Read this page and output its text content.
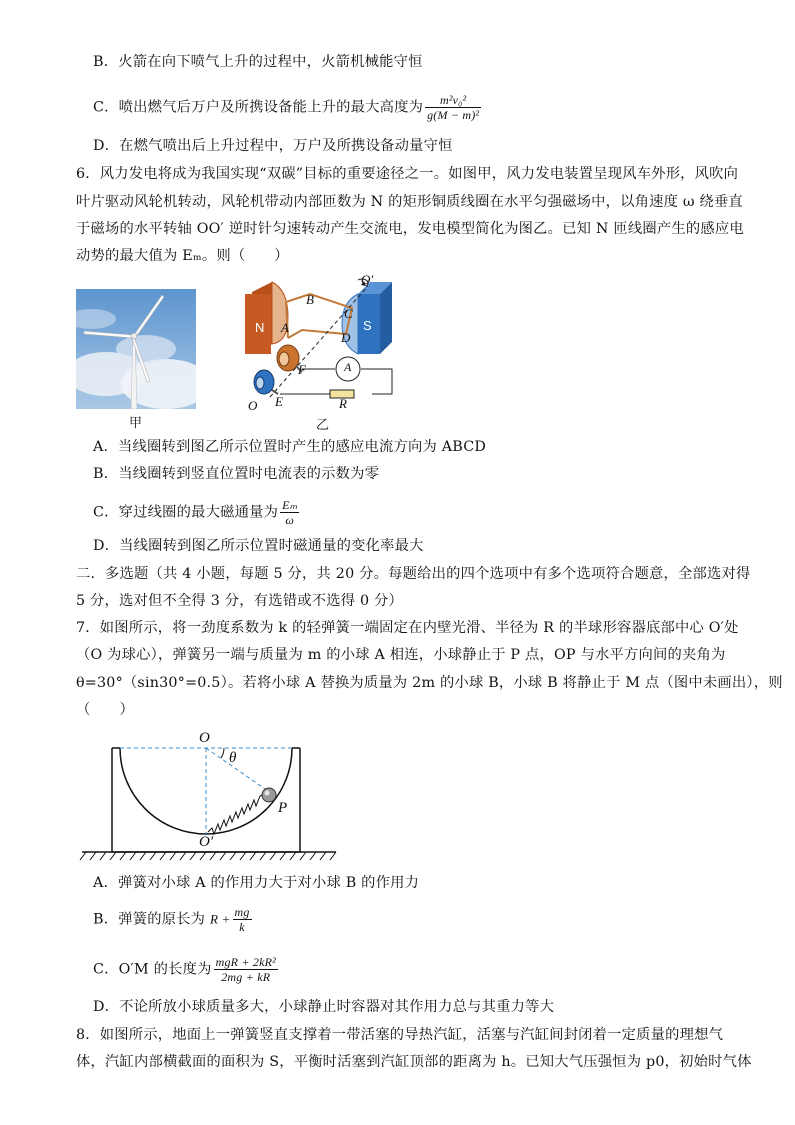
B．火箭在向下喷气上升的过程中，火箭机械能守恒
C．喷出燃气后万户及所携设备能上升的最大高度为 $\frac{\text{m²v₀²}}{\text{g(M − m)²}}$
D．在燃气喷出后上升过程中，万户及所携设备动量守恒
6．风力发电将成为我国实现“双碳”目标的重要途径之一。如图甲，风力发电装置呈现风车外形，风吹向
叶片驱动风轮机转动，风轮机带动内部匝数为 N 的矩形铜质线圈在水平匀强磁场中，以角速度 ω 绕垂直
于磁场的水平转轴 OO′ 逆时针匀速转动产生交流电，发电模型简化为图乙。已知 N 匝线圈产生的感应电
动势的最大值为 Eₘ。则（　　）
甲
O′
B
C
N A	S
D
F	A
O E	R
乙
A．当线圈转到图乙所示位置时产生的感应电流方向为 ABCD
B．当线圈转到竖直位置时电流表的示数为零
C．穿过线圈的最大磁通量为 $\frac{\text{Eₘ}}{\omega}$
D．当线圈转到图乙所示位置时磁通量的变化率最大
二．多选题（共 4 小题，每题 5 分，共 20 分。每题给出的四个选项中有多个选项符合题意，全部选对得
5 分，选对但不全得 3 分，有选错或不选得 0 分）
7．如图所示，将一劲度系数为 k 的轻弹簧一端固定在内壁光滑、半径为 R 的半球形容器底部中心 O′处
（O 为球心），弹簧另一端与质量为 m 的小球 A 相连，小球静止于 P 点，OP 与水平方向间的夹角为
θ=30°（sin30°=0.5）。若将小球 A 替换为质量为 2m 的小球 B，小球 B 将静止于 M 点（图中未画出），则
（　　）
O
θ
P
O′
A．弹簧对小球 A 的作用力大于对小球 B 的作用力
B．弹簧的原长为 $R + \frac{mg}{k}$
C．O′M 的长度为 $\frac{\text{mgR + 2kR²}}{2mg + kR}$
D．不论所放小球质量多大，小球静止时容器对其作用力总与其重力等大
8．如图所示，地面上一弹簧竖直支撑着一带活塞的导热汽缸，活塞与汽缸间封闭着一定质量的理想气
体，汽缸内部横截面的面积为 S，平衡时活塞到汽缸顶部的距离为 h。已知大气压强恒为 p0，初始时气体
